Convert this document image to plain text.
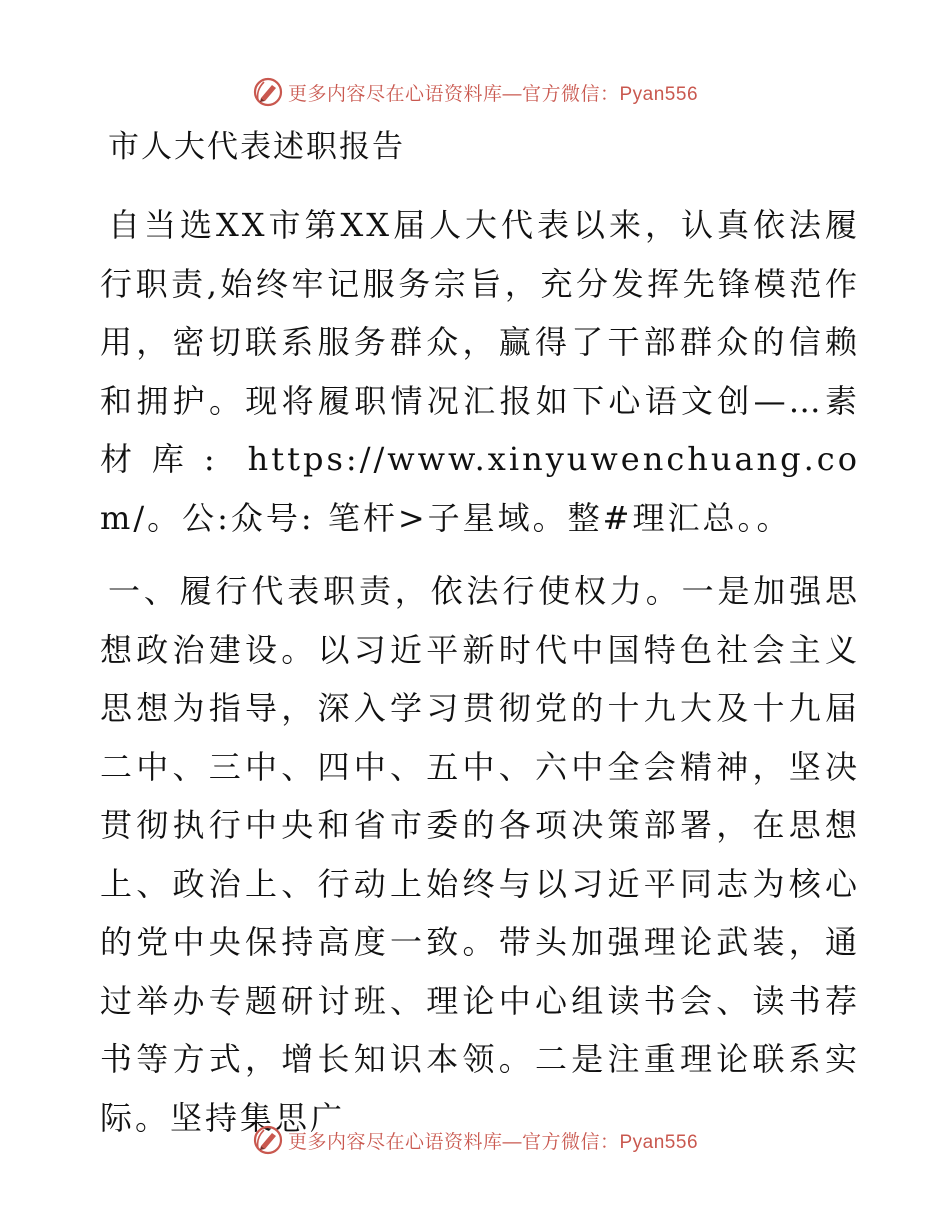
更多内容尽在心语资料库—官方微信：Pyan556
市人大代表述职报告

自当选XX市第XX届人大代表以来，认真依法履行职责,始终牢记服务宗旨，充分发挥先锋模范作用，密切联系服务群众，赢得了干部群众的信赖和拥护。现将履职情况汇报如下心语文创—…素材库: https://www.xinyuwenchuang.com/。公:众号: 笔杆>子星域。整#理汇总。。

一、履行代表职责，依法行使权力。一是加强思想政治建设。以习近平新时代中国特色社会主义思想为指导，深入学习贯彻党的十九大及十九届二中、三中、四中、五中、六中全会精神，坚决贯彻执行中央和省市委的各项决策部署，在思想上、政治上、行动上始终与以习近平同志为核心的党中央保持高度一致。带头加强理论武装，通过举办专题研讨班、理论中心组读书会、读书荐书等方式，增长知识本领。二是注重理论联系实际。坚持集思广

更多内容尽在心语资料库—官方微信：Pyan556
